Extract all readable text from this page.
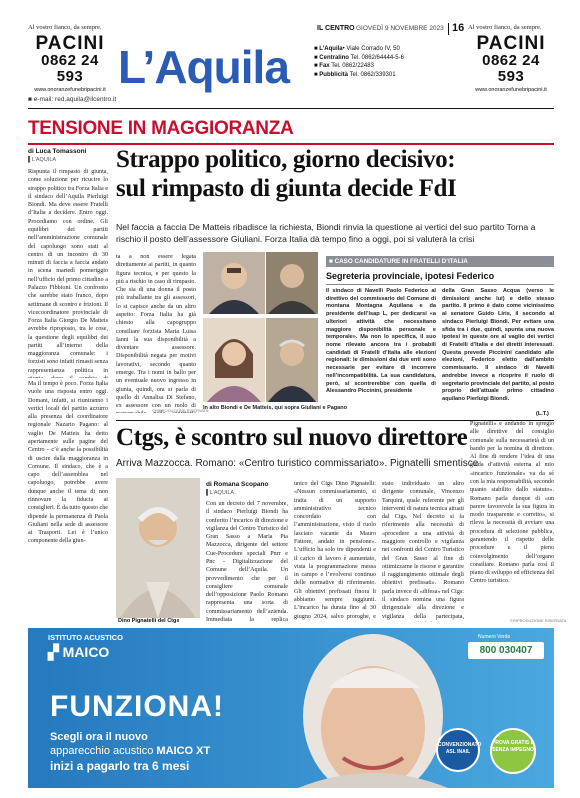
Al vostro fianco, da sempre.
PACINI
0862 24 593
www.onoranzefunebripacini.it
IL CENTRO GIOVEDÌ 9 NOVEMBRE 2023 16
L’Aquila	■ L’Aquila• Viale Corrado IV, 50
■ Centralino Tel. 0862/64444-5-6
■ Fax Tel. 0862/22483
■ Pubblicità Tel. 0862/339301
Al vostro fianco, da sempre.
PACINI
0862 24 593
www.onoranzefunebripacini.it
■ e-mail: red.aquila@ilcentro.it
TENSIONE IN MAGGIORANZA
di Luca Tomassoni
▌L’AQUILA Strappo politico, giorno decisivo:
sul rimpasto di giunta decide FdI
Nel faccia a faccia De Matteis ribadisce la richiesta, Biondi rinvia la questione ai vertici del suo partito Torna a rischio il posto dell’assessore Giuliani. Forza Italia dà tempo fino a oggi, poi si valuterà la crisi
Rispunta il rimpasto di giunta, come soluzione per ricucire lo strappo politico tra Forza Italia e il sindaco dell’Aquila Pierluigi Biondi. Ma deve essere Fratelli d’Italia a decidere. Entro oggi. Procediamo con ordine. Gli equilibri dei partiti nell’amministrazione comunale del capoluogo sono stati al centro di un incontro di 30 minuti di faccia a faccia andato in scena martedì pomeriggio nell’ufficio del primo cittadino a Palazzo Fibbioni. Un confronto che sarebbe stato franco, dopo settimane di scontro e frizioni. Il vicecoordinatore provinciale di Forza Italia Giorgio De Matteis avrebbe riproposto, tra le cose, la questione degli equilibri dei partiti all’interno della maggioranza comunale: i forzisti sono infatti rimasti senza rappresentanza politica in
Ma il tempo è poco. Forza Italia vuole una risposta entro oggi. Domani, infatti, si riuniranno i vertici locali del partito azzurro alla presenza del coordinatore regionale Nazario Pagano: al vaglio De Matteis ha detto apertamente sulle pagine del Centro – c’è anche la possibilità di uscire dalla maggioranza in Comune. Il sindaco, che è a capo dell’assemblea nel capoluogo, potrebbe avere dunque anche il tema di non rinnovare la fiducia ai consiglieri. È da tutto questo che dipende la permanenza di Paola Giuliani nella sede di assessore ai Trasporti. Lei è l’unico componente della giun-
ta a non essere legata direttamente ai partiti, in quanto figura tecnica, e per questo la più a rischio in caso di rimpasto. Che sia di una donna il posto più traballante tra gli assessori, lo si capisce anche da un altro aspetto: Forza Italia ha già chiesto alla capogruppo consiliare forzista Maria Luisa Ianni la sua disponibilità a diventare assessore. Disponibilità negata per motivi lavorativi, secondo quanto emerge. Tra i nomi in ballo per un eventuale nuovo ingresso in giunta, quindi, ora si parla di quello di Annalisa Di Stefano, ex assessore con un ruolo di In alto Biondi e De Matteis, qui sopra Giuliani e Pagano
©RIPRODUZIONE RISERVATA
■ CASO CANDIDATURE IN FRATELLI D’ITALIA
Segreteria provinciale, ipotesi Federico
Il sindaco di Navelli Paolo Federico al direttivo del commissario del Comune di montana Montagna Aquilana e da presidente dell’Isap L, per dedicarsi «a ulteriori attività che necessitano maggiore disponibilità personale e temporale». Ma non lo specifica, il suo nome rilevato ancora tra i probabili candidati di Fratelli d’Italia alle elezioni regionali: le dimissioni dai due enti sono necessarie per evitare di incorrere nell’incompatibilità. La sua candidatura, però, si scontrerebbe con quella di Alessandro Piccinini, presidente
della Gran Sasso Acqua (verso le dimissioni anche lui) e dello stesso partito. Il primo è dato come vicinissimo al senatore Guido Liris, il secondo al sindaco Pierluigi Biondi. Per evitare una sfida tra i due, quindi, spunta una nuova ipotesi in queste ore al vaglio dei vertici di Fratelli d’Italia e dei diretti interessati. Questa prevede Piccinini candidato alle elezioni, Federico eletto dall’ambito commissario. Il sindaco di Navelli andrebbe invece a ricoprire il ruolo di segretario provinciale del partito, al posto proprio dell’attuale primo cittadino aquilano Pierluigi Biondi.
(L.T.)
Ctgs, è scontro sul nuovo direttore
Arriva Mazzocca. Romano: «Centro turistico commissariato». Pignatelli smentisce
Dino Pignatelli del Ctgs
di Romana Scopano
▌L’AQUILA
Con un decreto del 7 novembre, il sindaco Pierluigi Biondi ha conferito l’incarico di direzione e vigilanza del Centro Turistico del Gran Sasso a Maria Pia Mazzocca, dirigente del settore Cue-Procedure speciali Pnrr e Pnc - Digitalizzazione del Comune dell’Aquila. Un provvedimento che per il consigliere comunale dell’opposizione Paolo Romano rappresenta una sorta di commissariamento dell’azienda. Immediata la replica
unico del Ctgs Dino Pignatelli: «Nessun commissariamento, si tratta di un supporto amministrativo tecnico concordato con l’amministrazione, visto il ruolo lasciato vacante da Mauro Fattore, andato in pensione». L’ufficio ha solo tre dipendenti e il carico di lavoro è aumentato, vista la programmazione messa in campo e l’evolversi continuo delle normative di riferimento. Gli obiettivi prefissati finora li abbiamo sempre raggiunti. L’incarico ha durata fino al 30 giugno 2024, salvo proroghe, e
stato individuato un altro dirigente comunale, Vincenzo Tarquini, quale referente per gli interventi di natura tecnica attuati dal Ctgs. Nel decreto si fa riferimento alla necessità di «procedere a una attività di maggiore controllo e vigilanza nei confronti del Centro Turistico del Gran Sasso al fine di ottimizzarne le risorse e garantire il raggiungimento ottimale degli obiettivi prefissati». Romano parla invece di «difesa» nel Ctgs: il sindaco nomina una figura dirigenziale alla direzione e vigilanza della partecipata,
Pignatelli» e andando in spregio alle direttive del consiglio comunale sulla necessarietà di un bando per la nomina di direttore. Al fine di rendere l’idea di una guida d’attività esterna al mio «incarico funzionale» va da sé con la mia responsabilità, secondo quanto stabilito dallo statuto». Romano parla dunque di «un parere favorevole la sua figura in modo trasparente e corretto», si rileva la necessità di avviare una procedura di selezione pubblica, garantendo il rispetto delle procedure e il pieno coinvolgimento dell’organo consiliare. Romano parla così il piano di sviluppo ed efficienza del Centro turistico.
©RIPRODUZIONE RISERVATA
ISTITUTO ACUSTICO
▞ MAICO
Numero Verde
800 030407
FUNZIONA!
Scegli ora il nuovo
apparecchio acustico MAICO XT
inizi a pagarlo tra 6 mesi
CONVENZIONATO ASL INAIL
PROVA GRATIS E SENZA IMPEGNO
